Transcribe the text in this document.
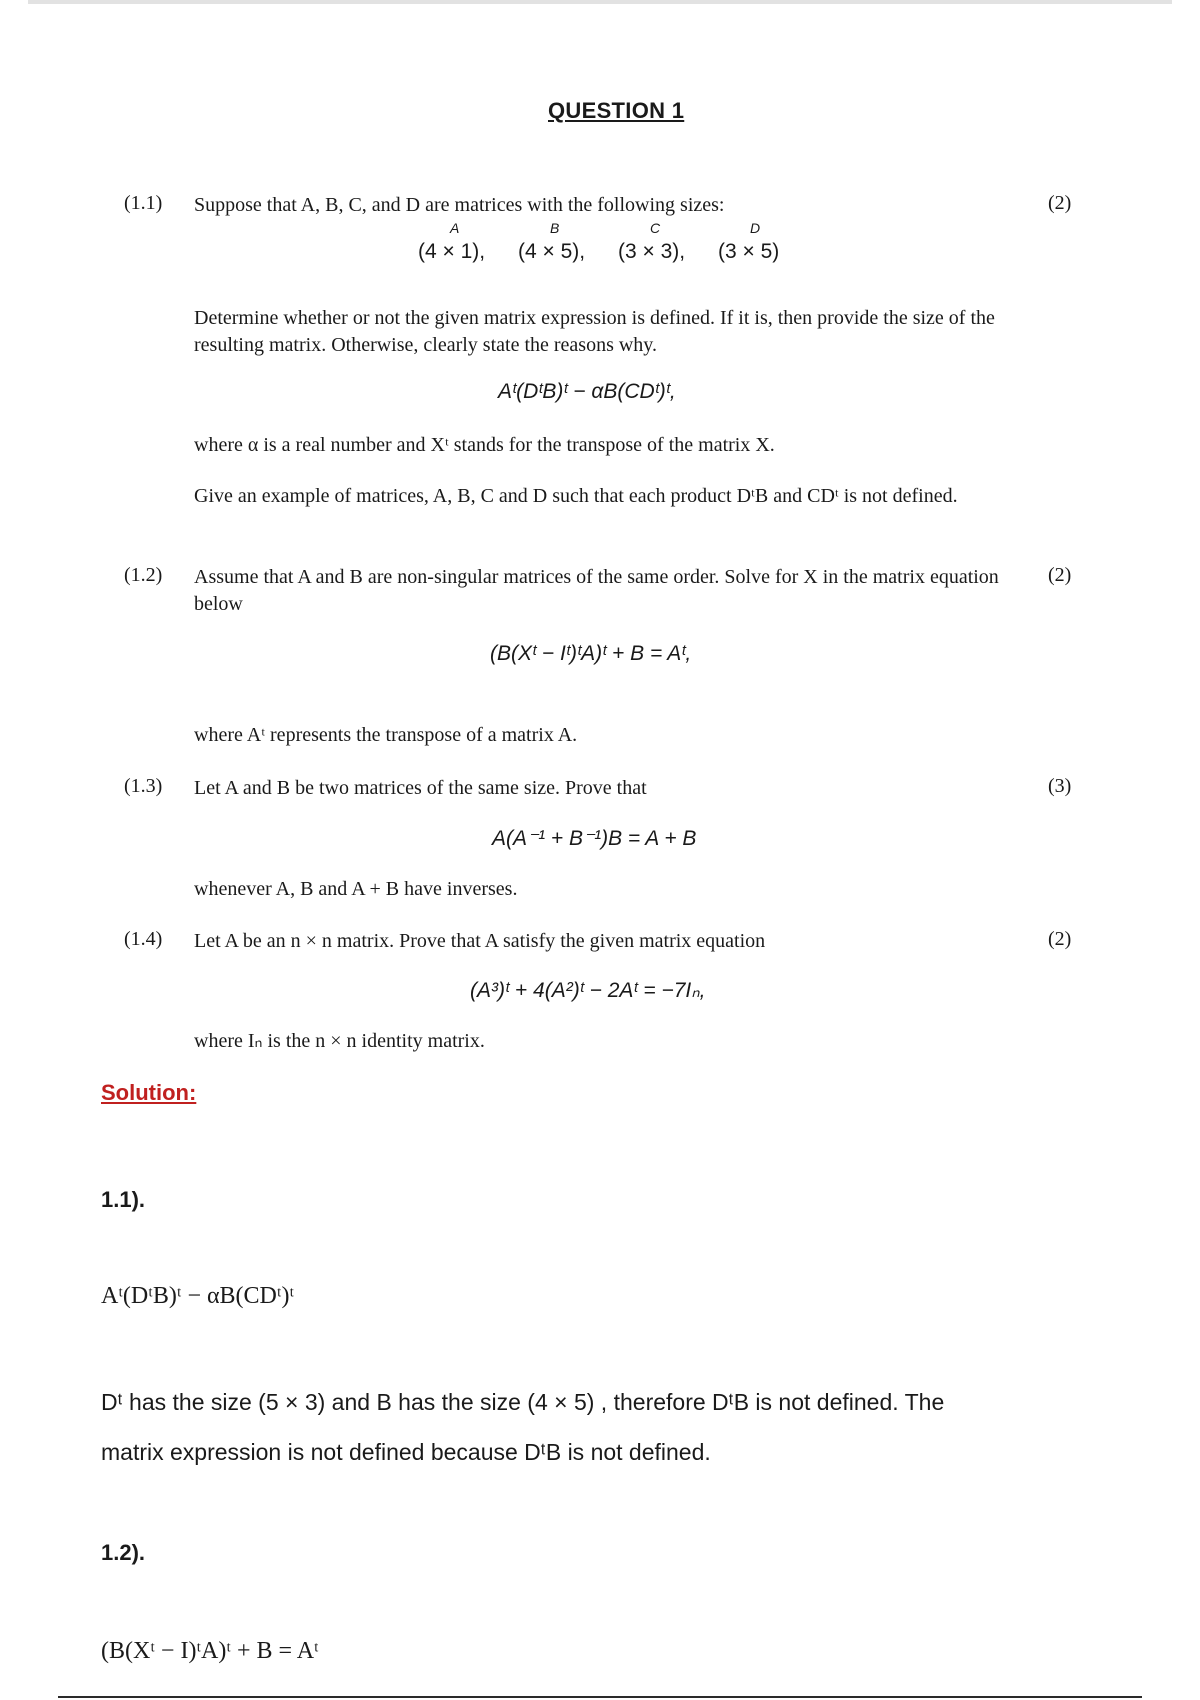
QUESTION 1
(1.1) Suppose that A, B, C, and D are matrices with the following sizes:	(2)
A
(4 × 1),
B
(4 × 5),
C
(3 × 3),
D
(3 × 5)
Determine whether or not the given matrix expression is defined. If it is, then provide the size of the resulting matrix. Otherwise, clearly state the reasons why.
Aᵗ(DᵗB)ᵗ − αB(CDᵗ)ᵗ,
where α is a real number and Xᵗ stands for the transpose of the matrix X.
Give an example of matrices, A, B, C and D such that each product DᵗB and CDᵗ is not defined.
(1.2) Assume that A and B are non-singular matrices of the same order. Solve for X in the matrix equation below
(2)
(B(Xᵗ − Iᵗ)ᵗA)ᵗ + B = Aᵗ,
where Aᵗ represents the transpose of a matrix A.
(1.3) Let A and B be two matrices of the same size. Prove that	(3)
A(A⁻¹ + B⁻¹)B = A + B
whenever A, B and A + B have inverses.
(1.4) Let A be an n × n matrix. Prove that A satisfy the given matrix equation	(2)
(A³)ᵗ + 4(A²)ᵗ − 2Aᵗ = −7Iₙ,
where Iₙ is the n × n identity matrix.
Solution:
1.1).
Aᵗ(DᵗB)ᵗ − αB(CDᵗ)ᵗ
Dᵗ has the size (5 × 3) and B has the size (4 × 5) , therefore DᵗB is not defined. The
matrix expression is not defined because DᵗB is not defined.
1.2).
(B(Xᵗ − I)ᵗA)ᵗ + B = Aᵗ
